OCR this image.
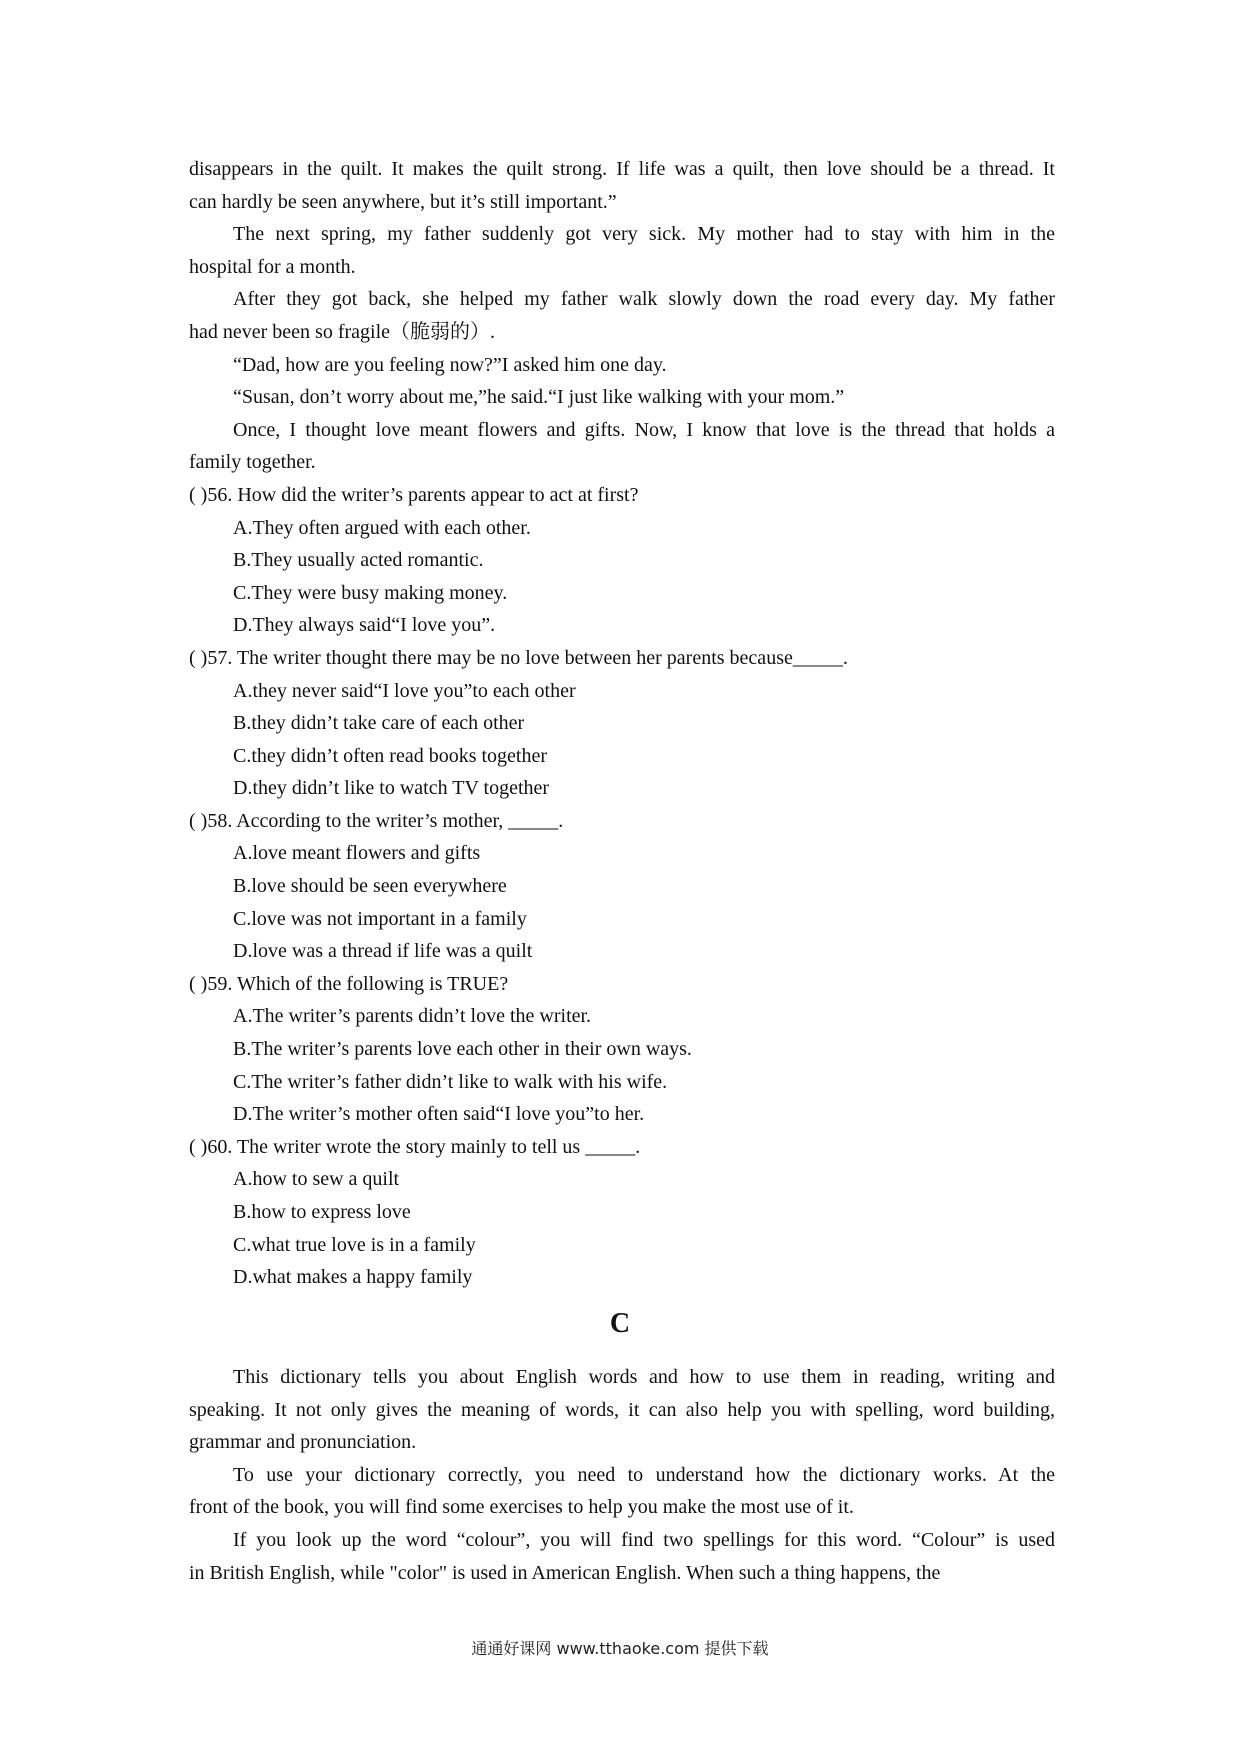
disappears in the quilt. It makes the quilt strong. If life was a quilt, then love should be a thread. It
can hardly be seen anywhere, but it’s still important.”
The next spring, my father suddenly got very sick. My mother had to stay with him in the
hospital for a month.
After they got back, she helped my father walk slowly down the road every day. My father
had never been so fragile（脆弱的）.
“Dad, how are you feeling now?”I asked him one day.
“Susan, don’t worry about me,”he said.“I just like walking with your mom.”
Once, I thought love meant flowers and gifts. Now, I know that love is the thread that holds a
family together.
( )56. How did the writer’s parents appear to act at first?
A.They often argued with each other.
B.They usually acted romantic.
C.They were busy making money.
D.They always said“I love you”.
( )57. The writer thought there may be no love between her parents because_____.
A.they never said“I love you”to each other
B.they didn’t take care of each other
C.they didn’t often read books together
D.they didn’t like to watch TV together
( )58. According to the writer’s mother, _____.
A.love meant flowers and gifts
B.love should be seen everywhere
C.love was not important in a family
D.love was a thread if life was a quilt
( )59. Which of the following is TRUE?
A.The writer’s parents didn’t love the writer.
B.The writer’s parents love each other in their own ways.
C.The writer’s father didn’t like to walk with his wife.
D.The writer’s mother often said“I love you”to her.
( )60. The writer wrote the story mainly to tell us _____.
A.how to sew a quilt
B.how to express love
C.what true love is in a family
D.what makes a happy family
C
This dictionary tells you about English words and how to use them in reading, writing and
speaking. It not only gives the meaning of words, it can also help you with spelling, word building,
grammar and pronunciation.
To use your dictionary correctly, you need to understand how the dictionary works. At the
front of the book, you will find some exercises to help you make the most use of it.
If you look up the word “colour”, you will find two spellings for this word. “Colour” is used
in British English, while "color" is used in American English. When such a thing happens, the
通通好课网 www.tthaoke.com 提供下载
